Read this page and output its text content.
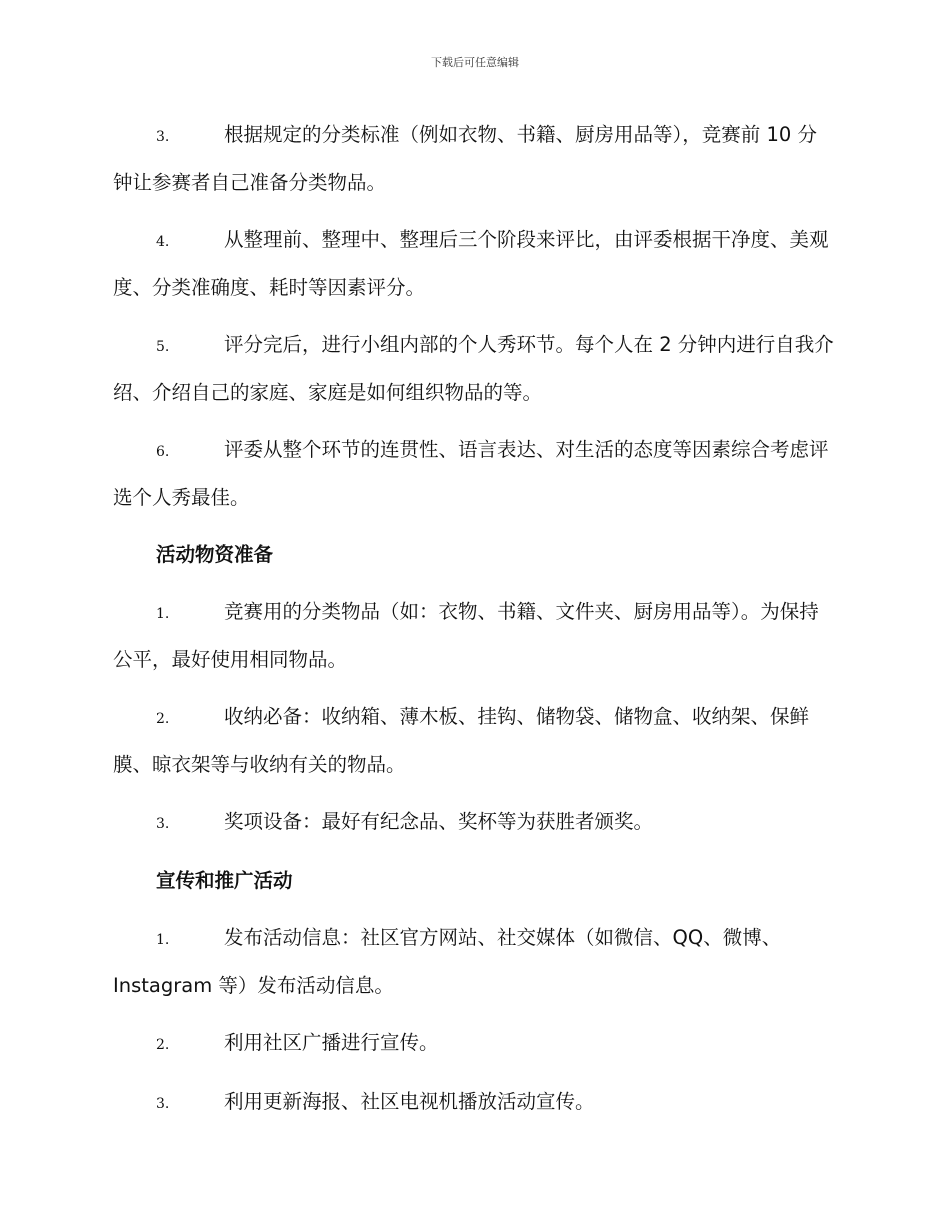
下载后可任意编辑
3.	根据规定的分类标准（例如衣物、书籍、厨房用品等），竞赛前 10 分钟让参赛者自己准备分类物品。
4.	从整理前、整理中、整理后三个阶段来评比，由评委根据干净度、美观度、分类准确度、耗时等因素评分。
5.	评分完后，进行小组内部的个人秀环节。每个人在 2 分钟内进行自我介绍、介绍自己的家庭、家庭是如何组织物品的等。
6.	评委从整个环节的连贯性、语言表达、对生活的态度等因素综合考虑评选个人秀最佳。
活动物资准备
1.	竞赛用的分类物品（如：衣物、书籍、文件夹、厨房用品等）。为保持公平，最好使用相同物品。
2.	收纳必备：收纳箱、薄木板、挂钩、储物袋、储物盒、收纳架、保鲜膜、晾衣架等与收纳有关的物品。
3.	奖项设备：最好有纪念品、奖杯等为获胜者颁奖。
宣传和推广活动
1.	发布活动信息：社区官方网站、社交媒体（如微信、QQ、微博、Instagram 等）发布活动信息。
2.	利用社区广播进行宣传。
3.	利用更新海报、社区电视机播放活动宣传。
